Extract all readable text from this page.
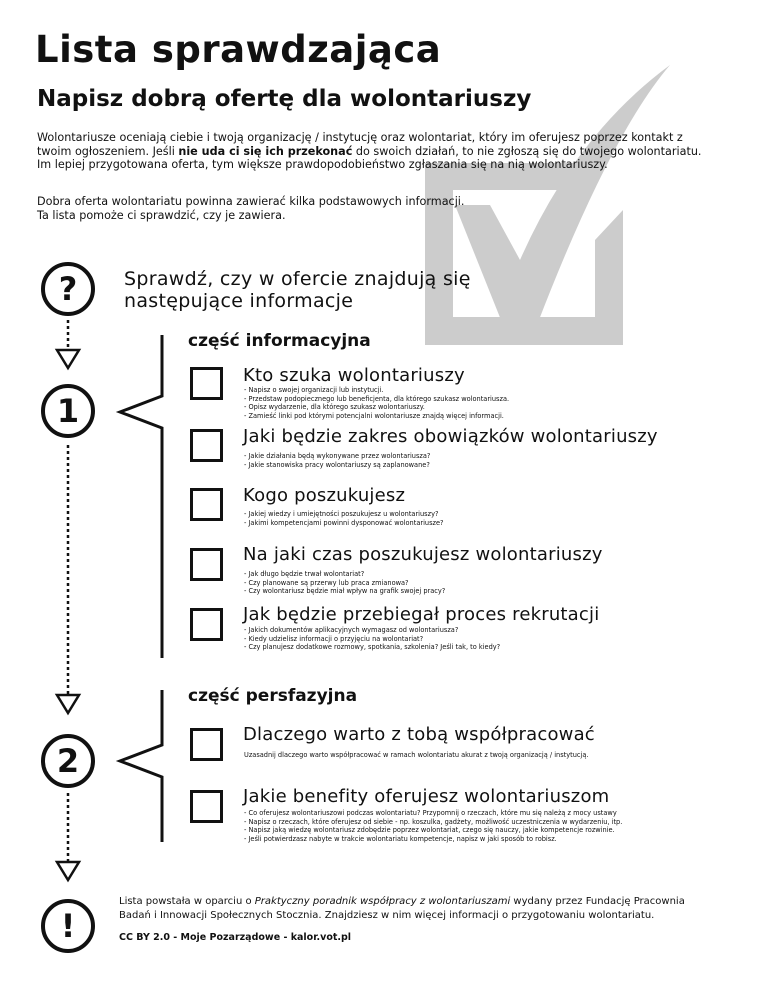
Lista sprawdzająca
Napisz dobrą ofertę dla wolontariuszy
Wolontariusze oceniają ciebie i twoją organizację / instytucję oraz wolontariat, który im oferujesz poprzez kontakt z twoim ogłoszeniem. Jeśli nie uda ci się ich przekonać do swoich działań, to nie zgłoszą się do twojego wolontariatu. Im lepiej przygotowana oferta, tym większe prawdopodobieństwo zgłaszania się na nią wolontariuszy.
Dobra oferta wolontariatu powinna zawierać kilka podstawowych informacji.
Ta lista pomoże ci sprawdzić, czy je zawiera.
?
1
2
!
Sprawdź, czy w ofercie znajdują się
następujące informacje
część informacyjna
Kto szuka wolontariuszy
- Napisz o swojej organizacji lub instytucji.
- Przedstaw podopiecznego lub beneficjenta, dla którego szukasz wolontariusza.
- Opisz wydarzenie, dla którego szukasz wolontariuszy.
- Zamieść linki pod którymi potencjalni wolontariusze znajdą więcej informacji.
Jaki będzie zakres obowiązków wolontariuszy
- Jakie działania będą wykonywane przez wolontariusza?
- Jakie stanowiska pracy wolontariuszy są zaplanowane?
Kogo poszukujesz
- Jakiej wiedzy i umiejętności poszukujesz u wolontariuszy?
- Jakimi kompetencjami powinni dysponować wolontariusze?
Na jaki czas poszukujesz wolontariuszy
- Jak długo będzie trwał wolontariat?
- Czy planowane są przerwy lub praca zmianowa?
- Czy wolontariusz będzie miał wpływ na grafik swojej pracy?
Jak będzie przebiegał proces rekrutacji
- Jakich dokumentów aplikacyjnych wymagasz od wolontariusza?
- Kiedy udzielisz informacji o przyjęciu na wolontariat?
- Czy planujesz dodatkowe rozmowy, spotkania, szkolenia? Jeśli tak, to kiedy?
część persfazyjna
Dlaczego warto z tobą współpracować
Uzasadnij dlaczego warto współpracować w ramach wolontariatu akurat z twoją organizacją / instytucją.
Jakie benefity oferujesz wolontariuszom
- Co oferujesz wolontariuszowi podczas wolontariatu? Przypomnij o rzeczach, które mu się należą z mocy ustawy
- Napisz o rzeczach, które oferujesz od siebie - np. koszulka, gadżety, możliwość uczestniczenia w wydarzeniu, itp.
- Napisz jaką wiedzę wolontariusz zdobędzie poprzez wolontariat, czego się nauczy, jakie kompetencje rozwinie.
- Jeśli potwierdzasz nabyte w trakcie wolontariatu kompetencje, napisz w jaki sposób to robisz.
Lista powstała w oparciu o Praktyczny poradnik współpracy z wolontariuszami wydany przez Fundację Pracownia Badań i Innowacji Społecznych Stocznia. Znajdziesz w nim więcej informacji o przygotowaniu wolontariatu.
CC BY 2.0 - Moje Pozarządowe - kalor.vot.pl
